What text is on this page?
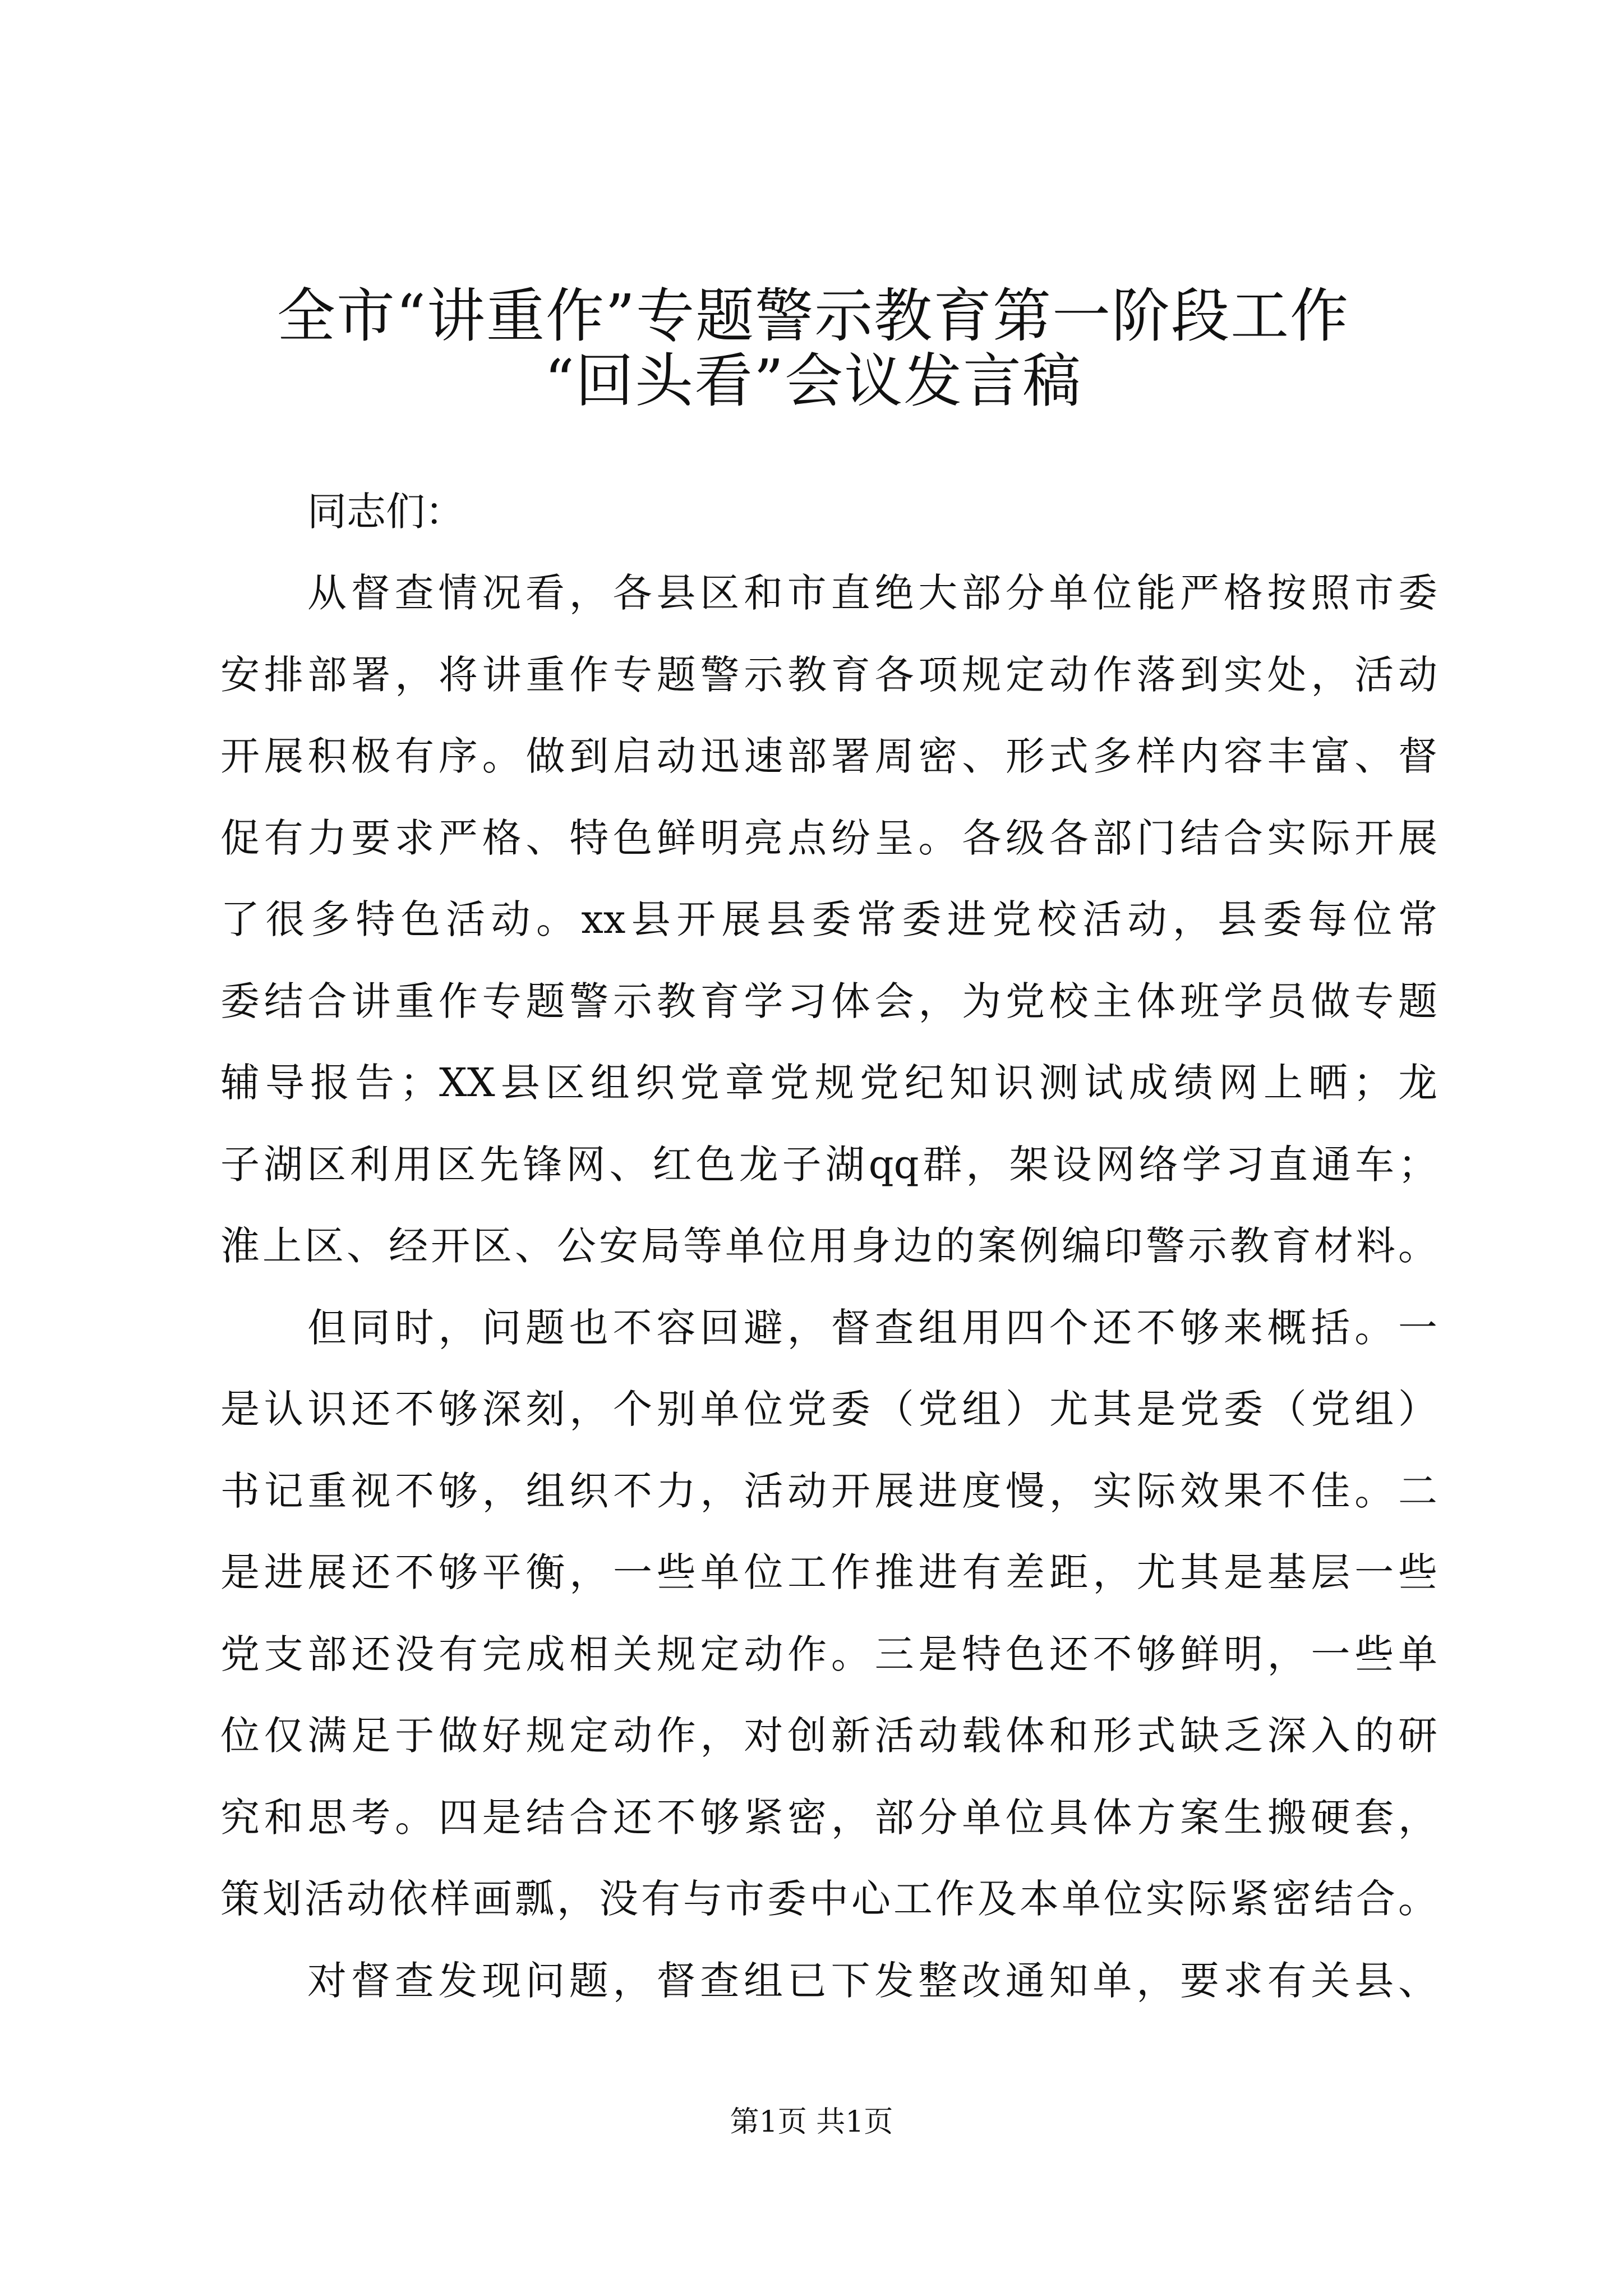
全市“讲重作”专题警示教育第一阶段工作
“回头看”会议发言稿

同志们：

从督查情况看，各县区和市直绝大部分单位能严格按照市委
安排部署，将讲重作专题警示教育各项规定动作落到实处，活动
开展积极有序。做到启动迅速部署周密、形式多样内容丰富、督
促有力要求严格、特色鲜明亮点纷呈。各级各部门结合实际开展
了很多特色活动。xx县开展县委常委进党校活动，县委每位常
委结合讲重作专题警示教育学习体会，为党校主体班学员做专题
辅导报告；XX县区组织党章党规党纪知识测试成绩网上晒；龙
子湖区利用区先锋网、红色龙子湖qq群，架设网络学习直通车；
淮上区、经开区、公安局等单位用身边的案例编印警示教育材料。
但同时，问题也不容回避，督查组用四个还不够来概括。一
是认识还不够深刻，个别单位党委（党组）尤其是党委（党组）
书记重视不够，组织不力，活动开展进度慢，实际效果不佳。二
是进展还不够平衡，一些单位工作推进有差距，尤其是基层一些
党支部还没有完成相关规定动作。三是特色还不够鲜明，一些单
位仅满足于做好规定动作，对创新活动载体和形式缺乏深入的研
究和思考。四是结合还不够紧密，部分单位具体方案生搬硬套，
策划活动依样画瓢，没有与市委中心工作及本单位实际紧密结合。
对督查发现问题，督查组已下发整改通知单，要求有关县、
第1页 共1页
